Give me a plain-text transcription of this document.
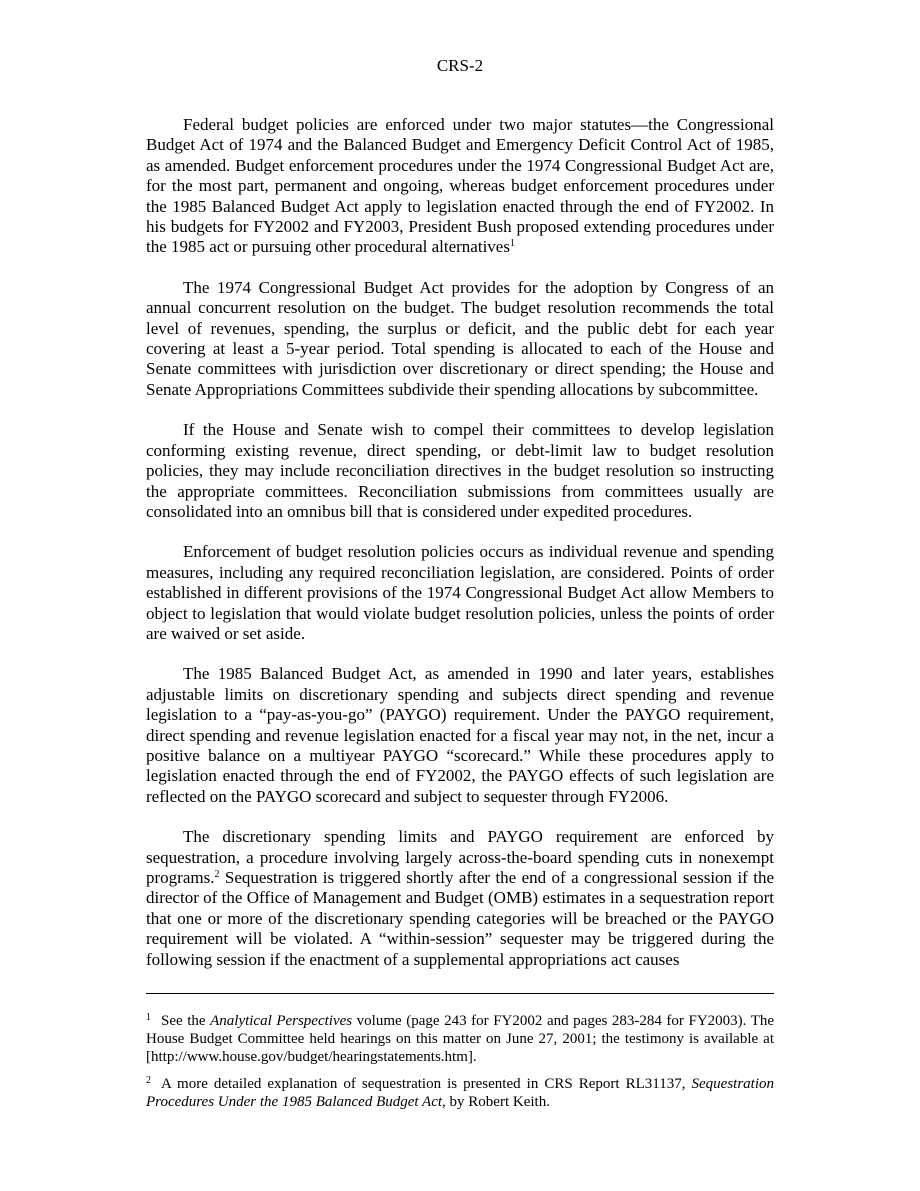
CRS-2

Federal budget policies are enforced under two major statutes—the Congressional Budget Act of 1974 and the Balanced Budget and Emergency Deficit Control Act of 1985, as amended. Budget enforcement procedures under the 1974 Congressional Budget Act are, for the most part, permanent and ongoing, whereas budget enforcement procedures under the 1985 Balanced Budget Act apply to legislation enacted through the end of FY2002. In his budgets for FY2002 and FY2003, President Bush proposed extending procedures under the 1985 act or pursuing other procedural alternatives$^1$

The 1974 Congressional Budget Act provides for the adoption by Congress of an annual concurrent resolution on the budget. The budget resolution recommends the total level of revenues, spending, the surplus or deficit, and the public debt for each year covering at least a 5-year period. Total spending is allocated to each of the House and Senate committees with jurisdiction over discretionary or direct spending; the House and Senate Appropriations Committees subdivide their spending allocations by subcommittee.

If the House and Senate wish to compel their committees to develop legislation conforming existing revenue, direct spending, or debt-limit law to budget resolution policies, they may include reconciliation directives in the budget resolution so instructing the appropriate committees. Reconciliation submissions from committees usually are consolidated into an omnibus bill that is considered under expedited procedures.

Enforcement of budget resolution policies occurs as individual revenue and spending measures, including any required reconciliation legislation, are considered. Points of order established in different provisions of the 1974 Congressional Budget Act allow Members to object to legislation that would violate budget resolution policies, unless the points of order are waived or set aside.

The 1985 Balanced Budget Act, as amended in 1990 and later years, establishes adjustable limits on discretionary spending and subjects direct spending and revenue legislation to a “pay-as-you-go” (PAYGO) requirement. Under the PAYGO requirement, direct spending and revenue legislation enacted for a fiscal year may not, in the net, incur a positive balance on a multiyear PAYGO “scorecard.” While these procedures apply to legislation enacted through the end of FY2002, the PAYGO effects of such legislation are reflected on the PAYGO scorecard and subject to sequester through FY2006.

The discretionary spending limits and PAYGO requirement are enforced by sequestration, a procedure involving largely across-the-board spending cuts in nonexempt programs.$^2$ Sequestration is triggered shortly after the end of a congressional session if the director of the Office of Management and Budget (OMB) estimates in a sequestration report that one or more of the discretionary spending categories will be breached or the PAYGO requirement will be violated. A “within-session” sequester may be triggered during the following session if the enactment of a supplemental appropriations act causes

$^1$ See the Analytical Perspectives volume (page 243 for FY2002 and pages 283-284 for FY2003). The House Budget Committee held hearings on this matter on June 27, 2001; the testimony is available at [http://www.house.gov/budget/hearingstatements.htm].

$^2$ A more detailed explanation of sequestration is presented in CRS Report RL31137, Sequestration Procedures Under the 1985 Balanced Budget Act, by Robert Keith.
